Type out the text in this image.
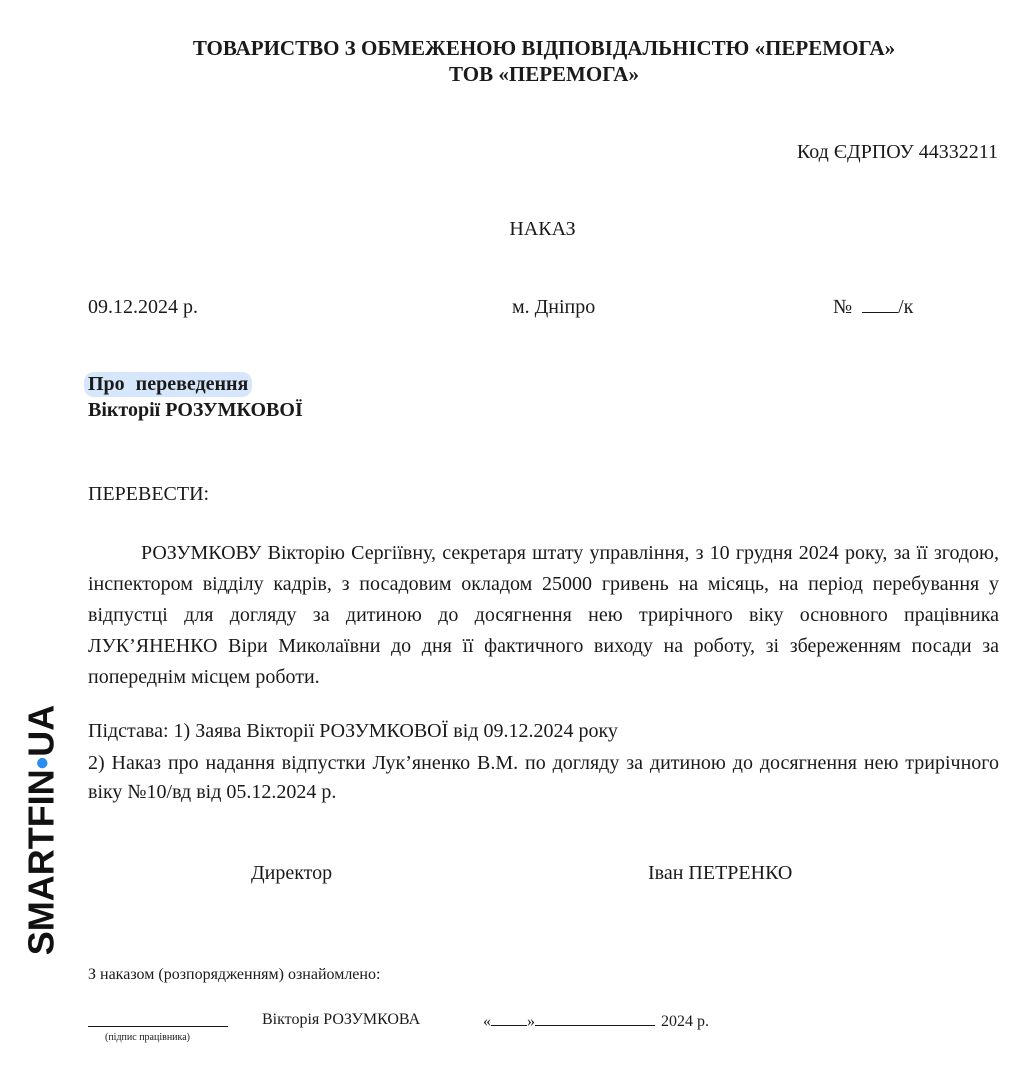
ТОВАРИСТВО З ОБМЕЖЕНОЮ ВІДПОВІДАЛЬНІСТЮ «ПЕРЕМОГА»
ТОВ «ПЕРЕМОГА»
Код ЄДРПОУ 44332211
НАКАЗ
09.12.2024 р.	м. Дніпро	№ /к
Про переведення
Вікторії РОЗУМКОВОЇ
ПЕРЕВЕСТИ:
РОЗУМКОВУ Вікторію Сергіївну, секретаря штату управління, з 10 грудня 2024 року, за її згодою, інспектором відділу кадрів, з посадовим окладом 25000 гривень на місяць, на період перебування у відпустці для догляду за дитиною до досягнення нею трирічного віку основного працівника ЛУК’ЯНЕНКО Віри Миколаївни до дня її фактичного виходу на роботу, зі збереженням посади за попереднім місцем роботи.
Підстава: 1) Заява Вікторії РОЗУМКОВОЇ від 09.12.2024 року
2) Наказ про надання відпустки Лук’яненко В.М. по догляду за дитиною до досягнення нею трирічного віку №10/вд від 05.12.2024 р.
Директор	Іван ПЕТРЕНКО
З наказом (розпорядженням) ознайомлено:
(підпис працівника)
Вікторія РОЗУМКОВА	« »	2024 р.
SMARTFIN•UA
